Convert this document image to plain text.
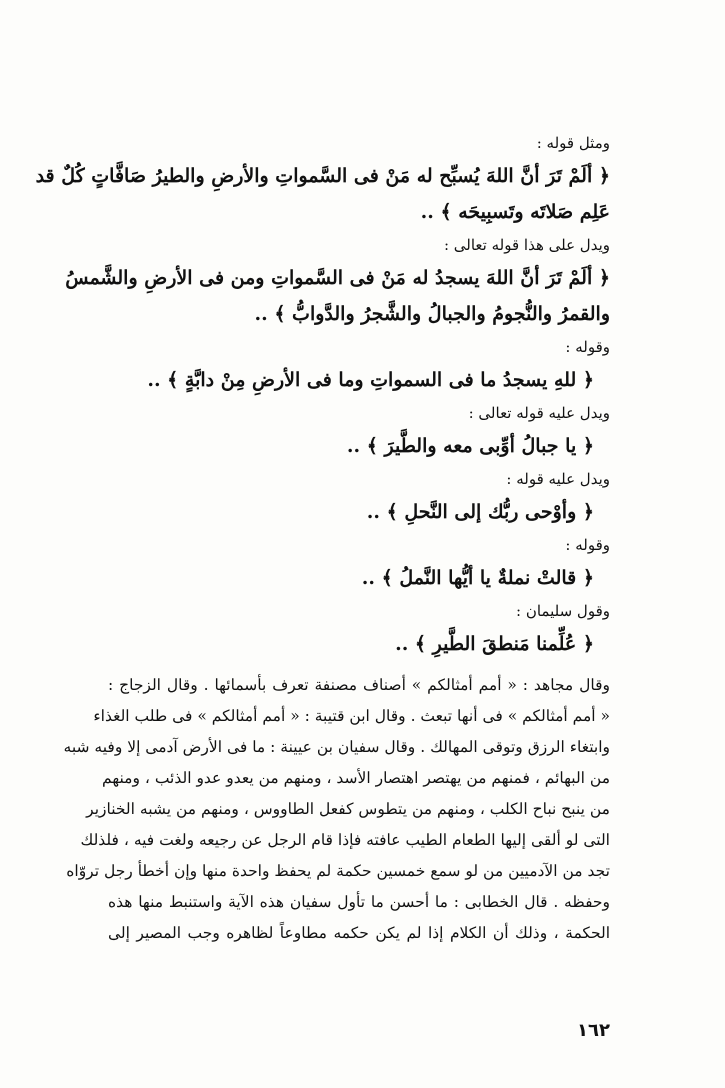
ومثل قوله :
﴿ ألَمْ تَرَ أنَّ اللهَ يُسبِّح له مَنْ فى السَّمواتِ والأرضِ والطيرُ صَافَّاتٍ كُلٌ قد
عَلِم صَلاتَه وتَسبِيحَه ﴾ ..
ويدل على هذا قوله تعالى :
﴿ ألَمْ تَرَ أنَّ اللهَ يسجدُ له مَنْ فى السَّمواتِ ومن فى الأرضِ والشَّمسُ
والقمرُ والنُّجومُ والجبالُ والشَّجرُ والدَّوابُّ ﴾ ..
وقوله :
﴿ للهِ يسجدُ ما فى السمواتِ وما فى الأرضِ مِنْ دابَّةٍ ﴾ ..
ويدل عليه قوله تعالى :
﴿ يا جبالُ أوِّبى معه والطَّيرَ ﴾ ..
ويدل عليه قوله :
﴿ وأوْحى ربُّك إلى النَّحلِ ﴾ ..
وقوله :
﴿ قالتْ نملةٌ يا أيُّها النَّملُ ﴾ ..
وقول سليمان :
﴿ عُلِّمنا مَنطقَ الطَّيرِ ﴾ ..
وقال مجاهد : « أمم أمثالكم » أصناف مصنفة تعرف بأسمائها . وقال الزجاج :
« أمم أمثالكم » فى أنها تبعث . وقال ابن قتيبة : « أمم أمثالكم » فى طلب الغذاء
وابتغاء الرزق وتوقى المهالك . وقال سفيان بن عيينة : ما فى الأرض آدمى إلا وفيه شبه
من البهائم ، فمنهم من يهتصر اهتصار الأسد ، ومنهم من يعدو عدو الذئب ، ومنهم
من ينبح نباح الكلب ، ومنهم من يتطوس كفعل الطاووس ، ومنهم من يشبه الخنازير
التى لو ألقى إليها الطعام الطيب عافته فإذا قام الرجل عن رجيعه ولغت فيه ، فلذلك
تجد من الآدميين من لو سمع خمسين حكمة لم يحفظ واحدة منها وإن أخطأ رجل تروّاه
وحفظه . قال الخطابى : ما أحسن ما تأول سفيان هذه الآية واستنبط منها هذه
الحكمة ، وذلك أن الكلام إذا لم يكن حكمه مطاوعاً لظاهره وجب المصير إلى
١٦٢
